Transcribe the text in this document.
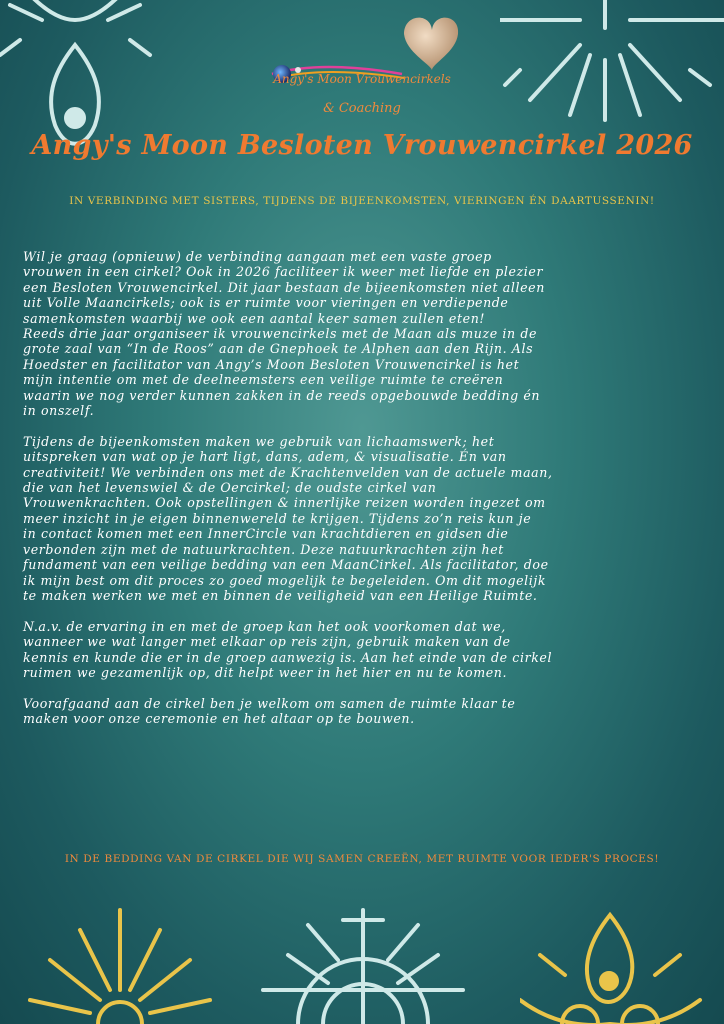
Angy's Moon Vrouwencirkels
& Coaching
Angy's Moon Besloten Vrouwencirkel 2026

IN VERBINDING MET SISTERS, TIJDENS DE BIJEENKOMSTEN, VIERINGEN ÉN DAARTUSSENIN!

Wil je graag (opnieuw) de verbinding aangaan met een vaste groep
vrouwen in een cirkel? Ook in 2026 faciliteer ik weer met liefde en plezier
een Besloten Vrouwencirkel. Dit jaar bestaan de bijeenkomsten niet alleen
uit Volle Maancirkels; ook is er ruimte voor vieringen en verdiepende
samenkomsten waarbij we ook een aantal keer samen zullen eten!
Reeds drie jaar organiseer ik vrouwencirkels met de Maan als muze in de
grote zaal van “In de Roos” aan de Gnephoek te Alphen aan den Rijn. Als
Hoedster en facilitator van Angy’s Moon Besloten Vrouwencirkel is het
mijn intentie om met de deelneemsters een veilige ruimte te creëren
waarin we nog verder kunnen zakken in de reeds opgebouwde bedding én
in onszelf.

Tijdens de bijeenkomsten maken we gebruik van lichaamswerk; het
uitspreken van wat op je hart ligt, dans, adem, & visualisatie. Én van
creativiteit! We verbinden ons met de Krachtenvelden van de actuele maan,
die van het levenswiel & de Oercirkel; de oudste cirkel van
Vrouwenkrachten. Ook opstellingen & innerlijke reizen worden ingezet om
meer inzicht in je eigen binnenwereld te krijgen. Tijdens zo’n reis kun je
in contact komen met een InnerCircle van krachtdieren en gidsen die
verbonden zijn met de natuurkrachten. Deze natuurkrachten zijn het
fundament van een veilige bedding van een MaanCirkel. Als facilitator, doe
ik mijn best om dit proces zo goed mogelijk te begeleiden. Om dit mogelijk
te maken werken we met en binnen de veiligheid van een Heilige Ruimte.

N.a.v. de ervaring in en met de groep kan het ook voorkomen dat we,
wanneer we wat langer met elkaar op reis zijn, gebruik maken van de
kennis en kunde die er in de groep aanwezig is. Aan het einde van de cirkel
ruimen we gezamenlijk op, dit helpt weer in het hier en nu te komen.

Voorafgaand aan de cirkel ben je welkom om samen de ruimte klaar te
maken voor onze ceremonie en het altaar op te bouwen.

IN DE BEDDING VAN DE CIRKEL DIE WIJ SAMEN CREEËN, MET RUIMTE VOOR IEDER'S PROCES!
